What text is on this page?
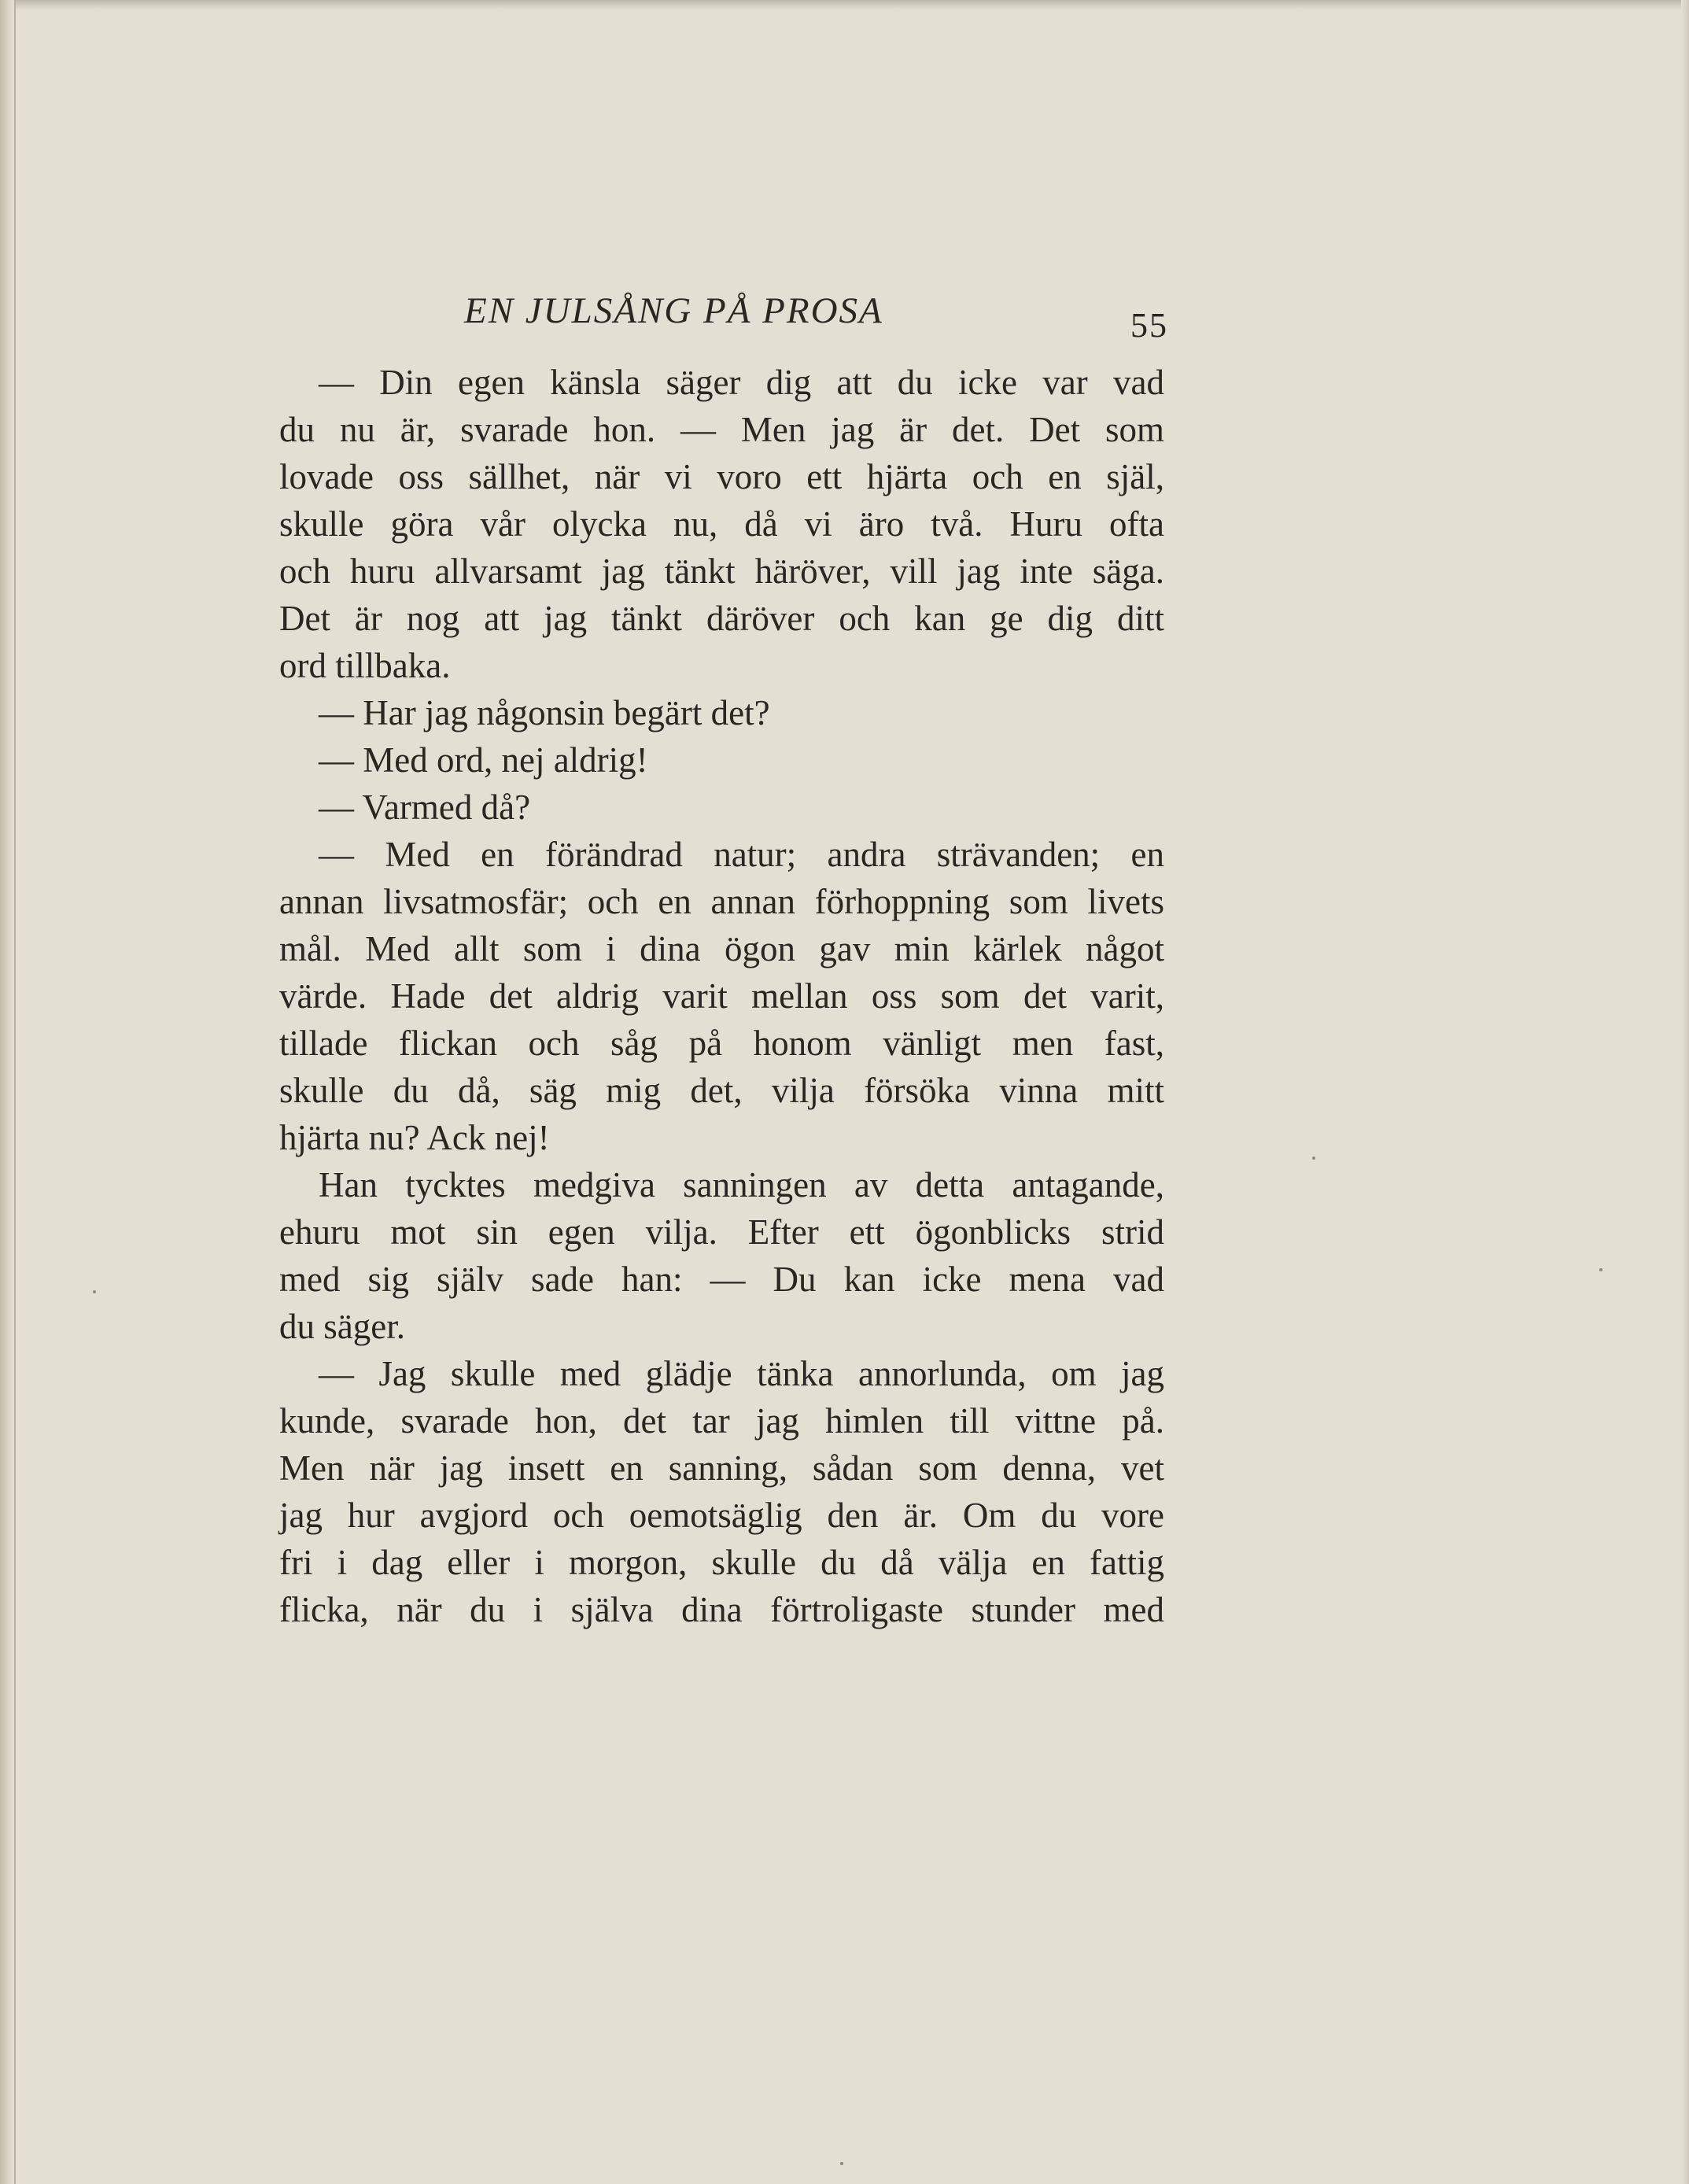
EN JULSÅNG PÅ PROSA	55
— Din egen känsla säger dig att du icke var vad
du nu är, svarade hon. — Men jag är det. Det som
lovade oss sällhet, när vi voro ett hjärta och en själ,
skulle göra vår olycka nu, då vi äro två. Huru ofta
och huru allvarsamt jag tänkt häröver, vill jag inte säga.
Det är nog att jag tänkt däröver och kan ge dig ditt
ord tillbaka.
— Har jag någonsin begärt det?
— Med ord, nej aldrig!
— Varmed då?
— Med en förändrad natur; andra strävanden; en
annan livsatmosfär; och en annan förhoppning som livets
mål. Med allt som i dina ögon gav min kärlek något
värde. Hade det aldrig varit mellan oss som det varit,
tillade flickan och såg på honom vänligt men fast,
skulle du då, säg mig det, vilja försöka vinna mitt
hjärta nu? Ack nej!
Han tycktes medgiva sanningen av detta antagande,
ehuru mot sin egen vilja. Efter ett ögonblicks strid
med sig själv sade han: — Du kan icke mena vad
du säger.
— Jag skulle med glädje tänka annorlunda, om jag
kunde, svarade hon, det tar jag himlen till vittne på.
Men när jag insett en sanning, sådan som denna, vet
jag hur avgjord och oemotsäglig den är. Om du vore
fri i dag eller i morgon, skulle du då välja en fattig
flicka, när du i själva dina förtroligaste stunder med
